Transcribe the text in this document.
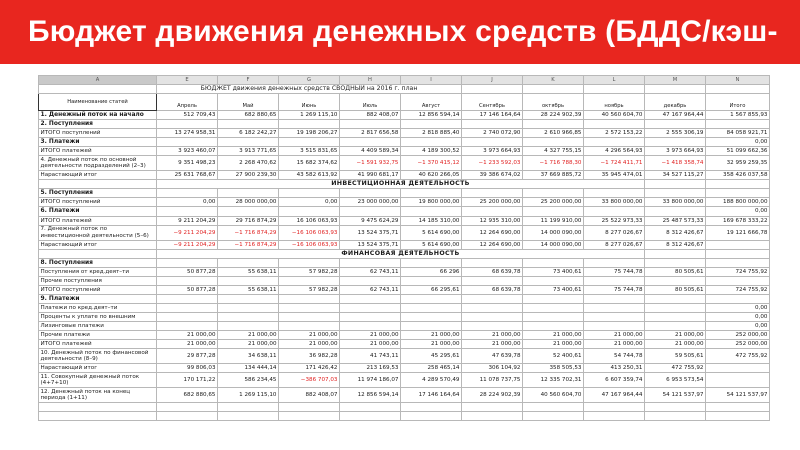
Бюджет движения денежных средств (БДДС/кэш-
A	E	F	G	H	I	J	K	L	M	N
	БЮДЖЕТ движения денежных средств СВОДНЫЙ на 2016 г. план									
Наименование статей	Апрель	Май	Июнь	Июль	Август	Сентябрь	октябрь	ноябрь	декабрь	Итого
1. Денежный поток на начало	512 709,43	682 880,65	1 269 115,10	882 408,07	12 856 594,14	17 146 164,64	28 224 902,39	40 560 604,70	47 167 964,44	1 567 855,93
2. Поступления										
ИТОГО поступлений	13 274 958,31	6 182 242,27	19 198 206,27	2 817 656,58	2 818 885,40	2 740 072,90	2 610 966,85	2 572 153,22	2 555 306,19	84 058 921,71
3. Платежи										0,00
ИТОГО платежей	3 923 460,07	3 913 771,65	3 515 831,65	4 409 589,34	4 189 300,52	3 973 664,93	4 327 755,15	4 296 564,93	3 973 664,93	51 099 662,36
4. Денежный поток по основной деятельности подразделений (2–3)	9 351 498,23	2 268 470,62	15 682 374,62	−1 591 932,75	−1 370 415,12	−1 233 592,03	−1 716 788,30	−1 724 411,71	−1 418 358,74	32 959 259,35
Нарастающий итог	25 631 768,67	27 900 239,30	43 582 613,92	41 990 681,17	40 620 266,05	39 386 674,02	37 669 885,72	35 945 474,01	34 527 115,27	358 426 037,58
	ИНВЕСТИЦИОННАЯ ДЕЯТЕЛЬНОСТЬ									
5. Поступления										
ИТОГО поступлений	0,00	28 000 000,00	0,00	23 000 000,00	19 800 000,00	25 200 000,00	25 200 000,00	33 800 000,00	33 800 000,00	188 800 000,00
6. Платежи										0,00
ИТОГО платежей	9 211 204,29	29 716 874,29	16 106 063,93	9 475 624,29	14 185 310,00	12 935 310,00	11 199 910,00	25 522 973,33	25 487 573,33	169 678 333,22
7. Денежный поток по инвестиционной деятельности (5–6)	−9 211 204,29	−1 716 874,29	−16 106 063,93	13 524 375,71	5 614 690,00	12 264 690,00	14 000 090,00	8 277 026,67	8 312 426,67	19 121 666,78
Нарастающий итог	−9 211 204,29	−1 716 874,29	−16 106 063,93	13 524 375,71	5 614 690,00	12 264 690,00	14 000 090,00	8 277 026,67	8 312 426,67	
	ФИНАНСОВАЯ ДЕЯТЕЛЬНОСТЬ									
8. Поступления										
Поступления от кред.деят–ти	50 877,28	55 638,11	57 982,28	62 743,11	66 296	68 639,78	73 400,61	75 744,78	80 505,61	724 755,92
Прочие поступления										
ИТОГО поступлений	50 877,28	55 638,11	57 982,28	62 743,11	66 295,61	68 639,78	73 400,61	75 744,78	80 505,61	724 755,92
9. Платежи										
Платежи по кред.деят–ти										0,00
Проценты к уплате по внешним										0,00
Лизинговые платежи										0,00
Прочие платежи	21 000,00	21 000,00	21 000,00	21 000,00	21 000,00	21 000,00	21 000,00	21 000,00	21 000,00	252 000,00
ИТОГО платежей	21 000,00	21 000,00	21 000,00	21 000,00	21 000,00	21 000,00	21 000,00	21 000,00	21 000,00	252 000,00
10. Денежный поток по финансовой деятельности (8–9)	29 877,28	34 638,11	36 982,28	41 743,11	45 295,61	47 639,78	52 400,61	54 744,78	59 505,61	472 755,92
Нарастающий итог	99 806,03	134 444,14	171 426,42	213 169,53	258 465,14	306 104,92	358 505,53	413 250,31	472 755,92	
11. Совокупный денежный поток (4+7+10)	170 171,22	586 234,45	−386 707,03	11 974 186,07	4 289 570,49	11 078 737,75	12 335 702,31	6 607 359,74	6 953 573,54	
12. Денежный поток на конец периода (1+11)	682 880,65	1 269 115,10	882 408,07	12 856 594,14	17 146 164,64	28 224 902,39	40 560 604,70	47 167 964,44	54 121 537,97	54 121 537,97
